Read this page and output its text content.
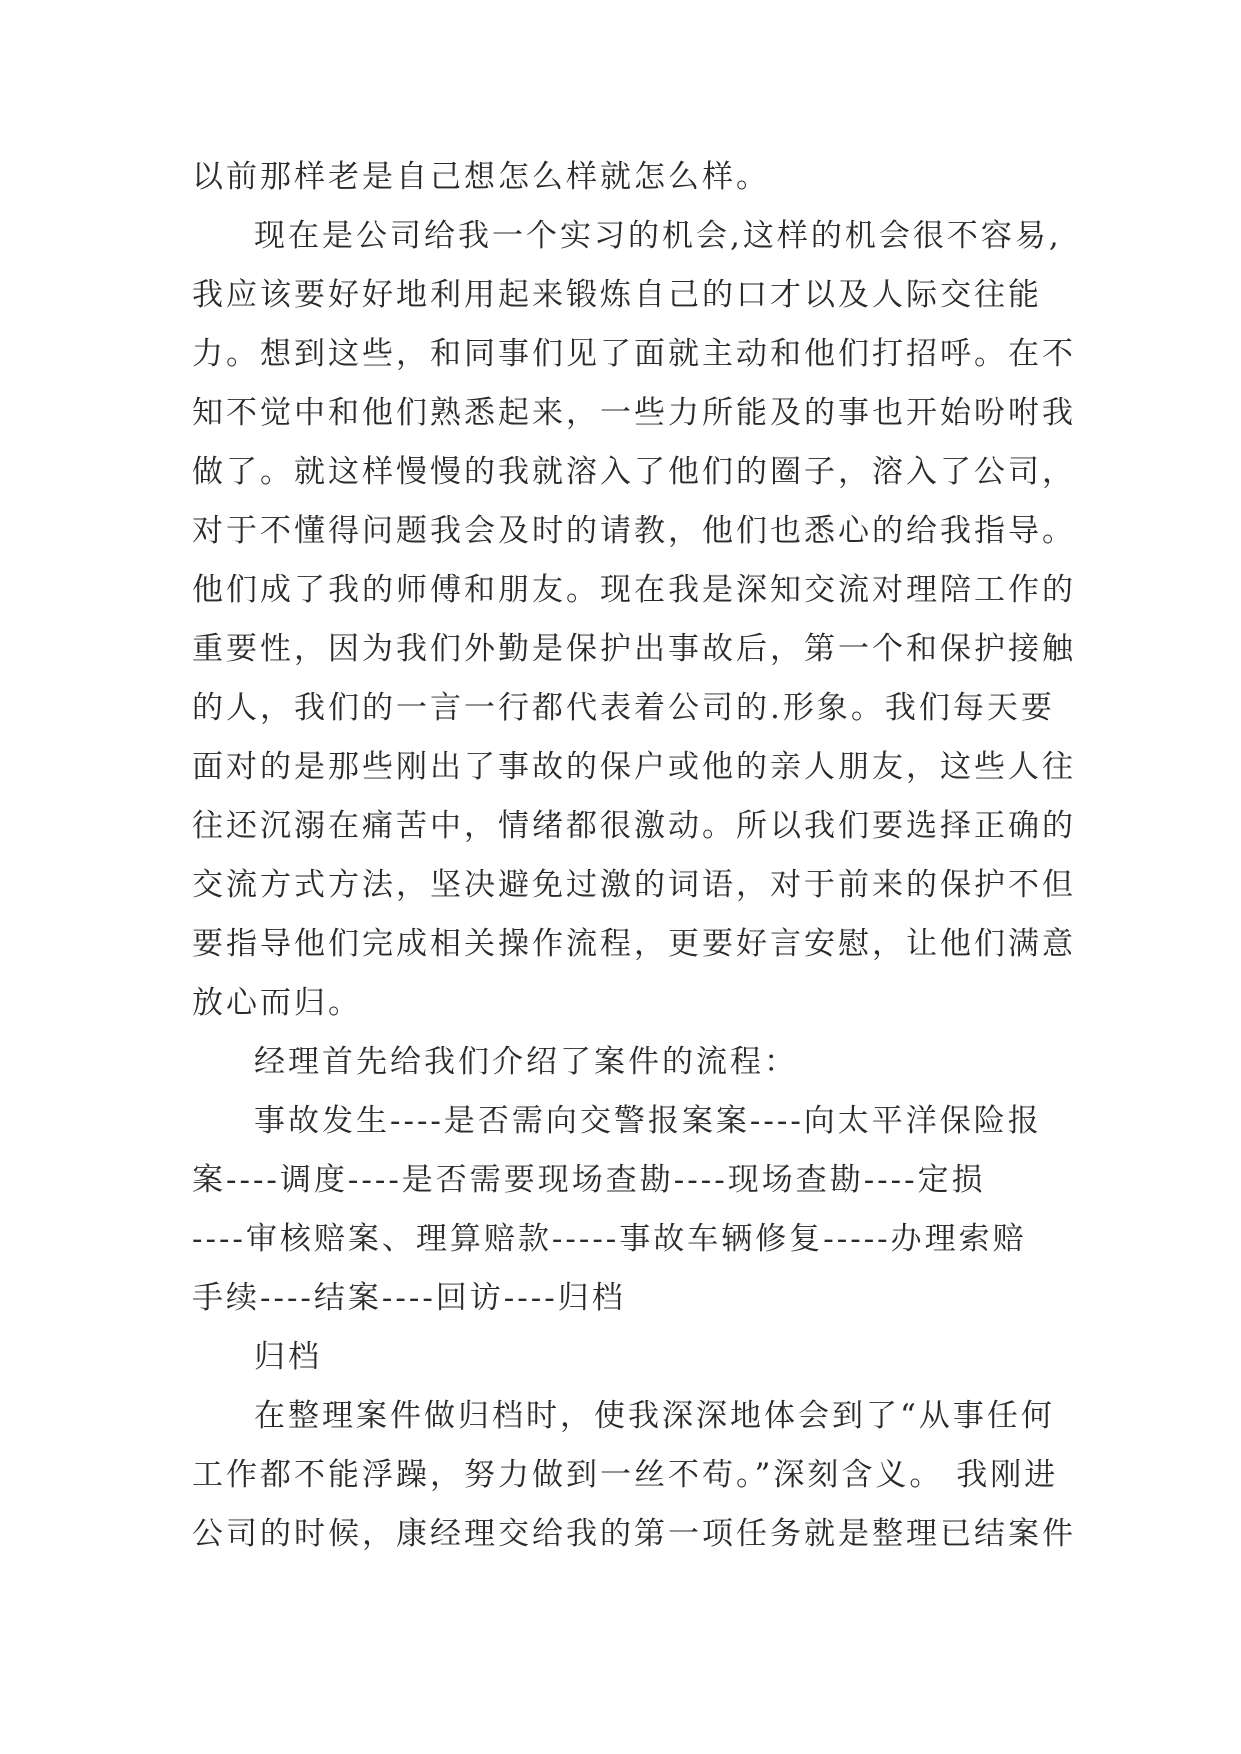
以前那样老是自己想怎么样就怎么样。
现在是公司给我一个实习的机会,这样的机会很不容易,
我应该要好好地利用起来锻炼自己的口才以及人际交往能
力。想到这些，和同事们见了面就主动和他们打招呼。在不
知不觉中和他们熟悉起来，一些力所能及的事也开始吩咐我
做了。就这样慢慢的我就溶入了他们的圈子，溶入了公司，
对于不懂得问题我会及时的请教，他们也悉心的给我指导。
他们成了我的师傅和朋友。现在我是深知交流对理陪工作的
重要性，因为我们外勤是保护出事故后，第一个和保护接触
的人，我们的一言一行都代表着公司的.形象。我们每天要
面对的是那些刚出了事故的保户或他的亲人朋友，这些人往
往还沉溺在痛苦中，情绪都很激动。所以我们要选择正确的
交流方式方法，坚决避免过激的词语，对于前来的保护不但
要指导他们完成相关操作流程，更要好言安慰，让他们满意
放心而归。
经理首先给我们介绍了案件的流程：
事故发生----是否需向交警报案案----向太平洋保险报
案----调度----是否需要现场查勘----现场查勘----定损
----审核赔案、理算赔款-----事故车辆修复-----办理索赔
手续----结案----回访----归档
归档
在整理案件做归档时，使我深深地体会到了“从事任何
工作都不能浮躁，努力做到一丝不苟。”深刻含义。 我刚进
公司的时候，康经理交给我的第一项任务就是整理已结案件
